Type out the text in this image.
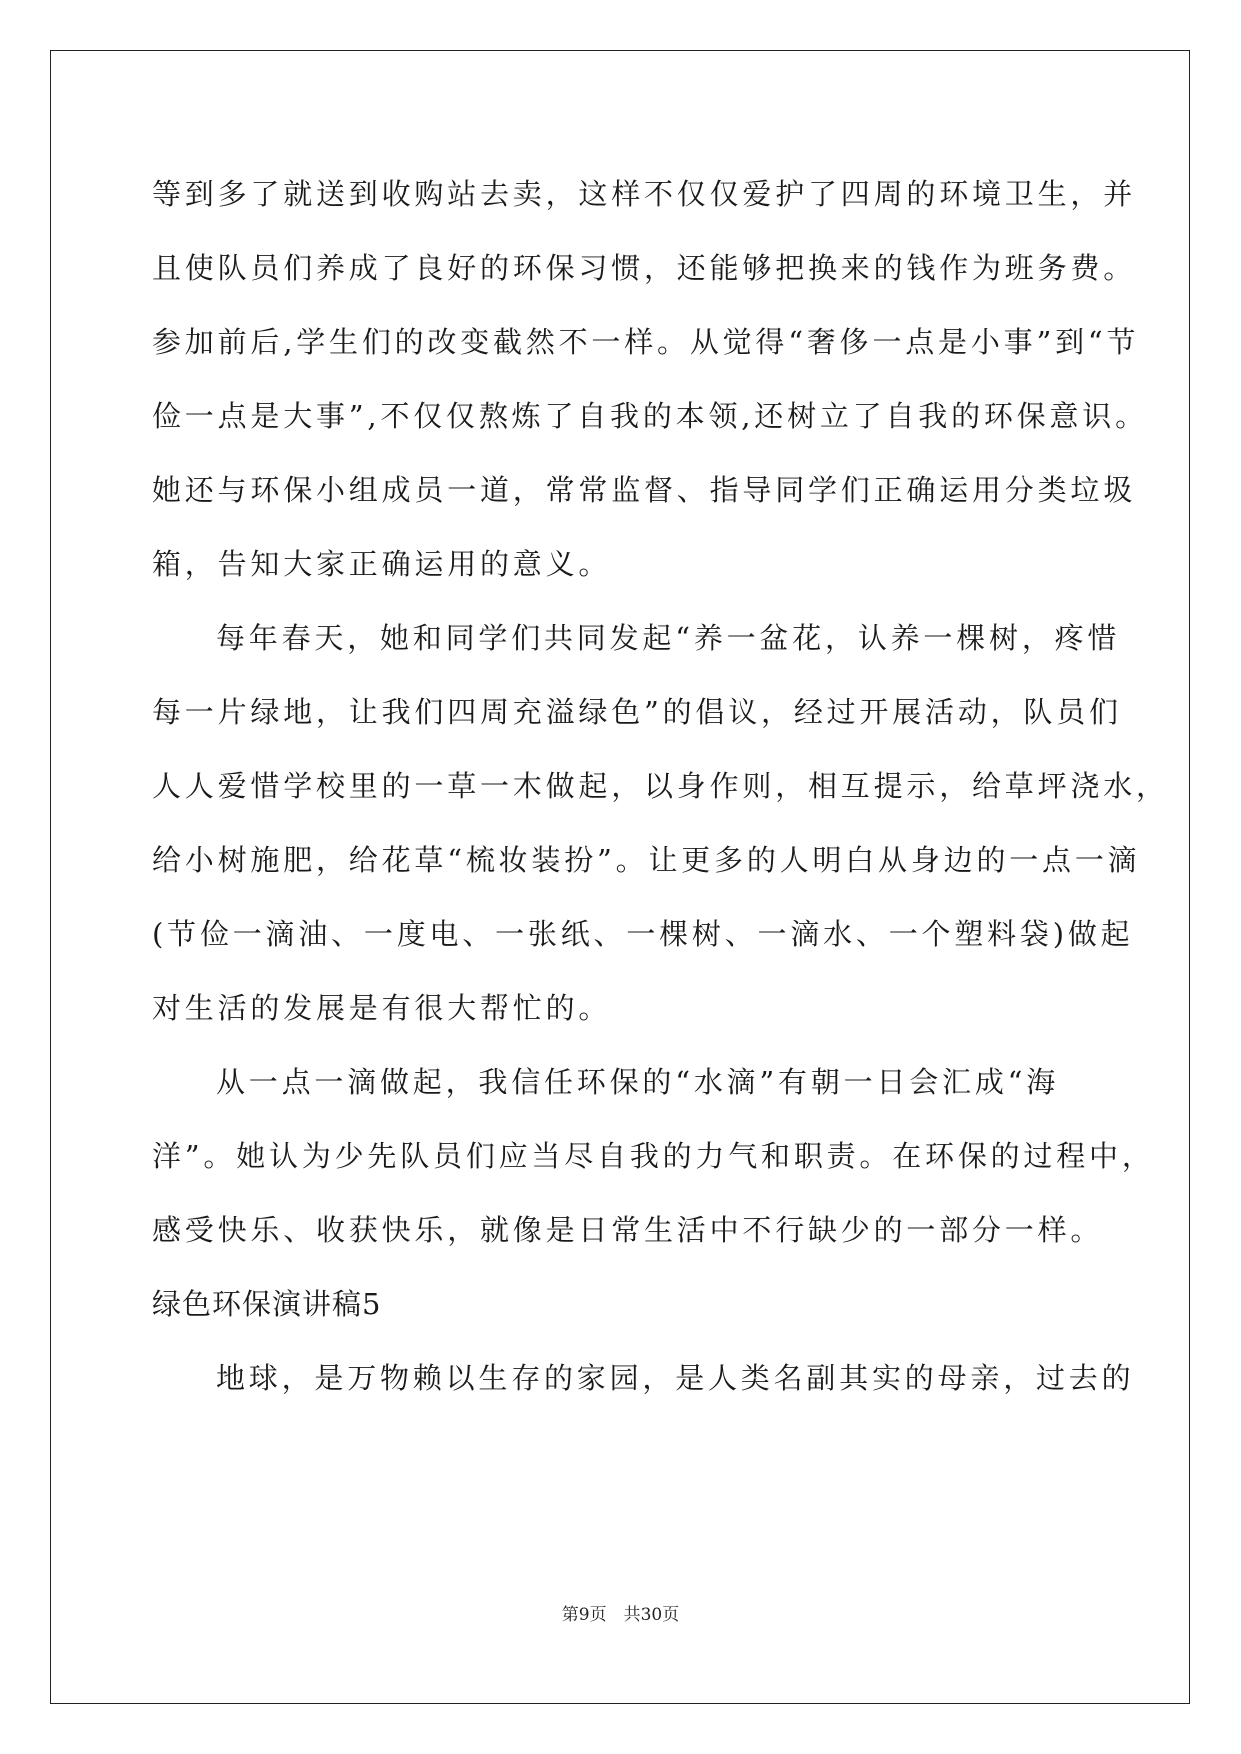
等到多了就送到收购站去卖，这样不仅仅爱护了四周的环境卫生，并
且使队员们养成了良好的环保习惯，还能够把换来的钱作为班务费。
参加前后,学生们的改变截然不一样。从觉得“奢侈一点是小事”到“节
俭一点是大事”,不仅仅熬炼了自我的本领,还树立了自我的环保意识。
她还与环保小组成员一道，常常监督、指导同学们正确运用分类垃圾
箱，告知大家正确运用的意义。
每年春天，她和同学们共同发起“养一盆花，认养一棵树，疼惜
每一片绿地，让我们四周充溢绿色”的倡议，经过开展活动，队员们
人人爱惜学校里的一草一木做起，以身作则，相互提示，给草坪浇水，
给小树施肥，给花草“梳妆装扮”。让更多的人明白从身边的一点一滴
(节俭一滴油、一度电、一张纸、一棵树、一滴水、一个塑料袋)做起
对生活的发展是有很大帮忙的。
从一点一滴做起，我信任环保的“水滴”有朝一日会汇成“海
洋”。她认为少先队员们应当尽自我的力气和职责。在环保的过程中，
感受快乐、收获快乐，就像是日常生活中不行缺少的一部分一样。
绿色环保演讲稿5
地球，是万物赖以生存的家园，是人类名副其实的母亲，过去的
第9页　共30页
